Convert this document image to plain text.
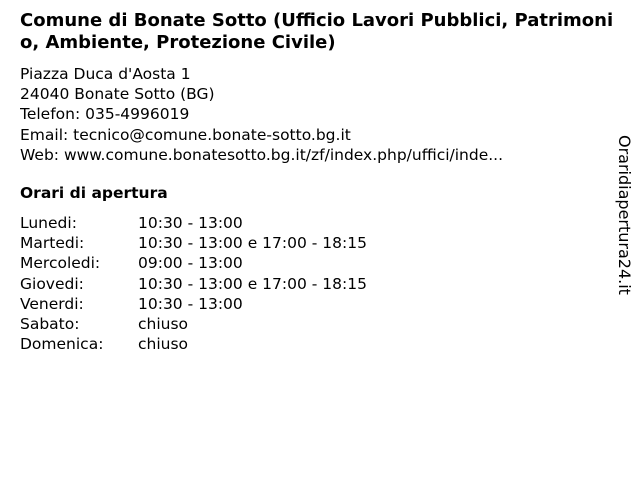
Comune di Bonate Sotto (Ufficio Lavori Pubblici, Patrimonio, Ambiente, Protezione Civile)
Piazza Duca d'Aosta 1
24040 Bonate Sotto (BG)
Telefon: 035-4996019
Email: tecnico@comune.bonate-sotto.bg.it
Web: www.comune.bonatesotto.bg.it/zf/index.php/uffici/inde...
Orari di apertura
Lunedi:	10:30 - 13:00
Martedi:	10:30 - 13:00 e 17:00 - 18:15
Mercoledi:	09:00 - 13:00
Giovedi:	10:30 - 13:00 e 17:00 - 18:15
Venerdi:	10:30 - 13:00
Sabato:	chiuso
Domenica:	chiuso
Oraridiapertura24.it
